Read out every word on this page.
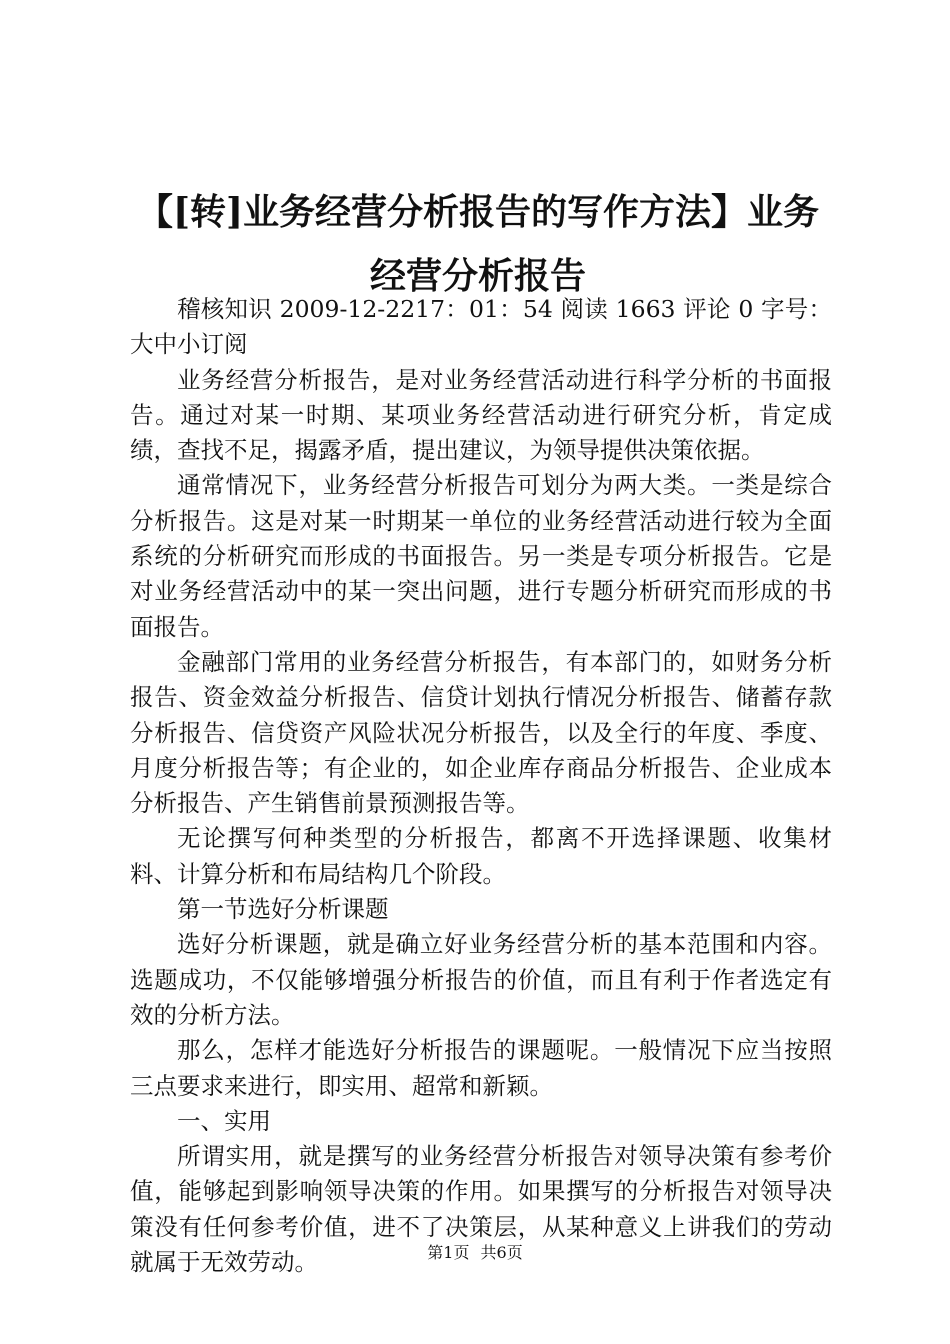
【[转]业务经营分析报告的写作方法】业务经营分析报告

稽核知识 2009-12-2217：01：54 阅读 1663 评论 0 字号：大中小订阅

业务经营分析报告，是对业务经营活动进行科学分析的书面报告。通过对某一时期、某项业务经营活动进行研究分析，肯定成绩，查找不足，揭露矛盾，提出建议，为领导提供决策依据。

通常情况下，业务经营分析报告可划分为两大类。一类是综合分析报告。这是对某一时期某一单位的业务经营活动进行较为全面系统的分析研究而形成的书面报告。另一类是专项分析报告。它是对业务经营活动中的某一突出问题，进行专题分析研究而形成的书面报告。

金融部门常用的业务经营分析报告，有本部门的，如财务分析报告、资金效益分析报告、信贷计划执行情况分析报告、储蓄存款分析报告、信贷资产风险状况分析报告，以及全行的年度、季度、月度分析报告等；有企业的，如企业库存商品分析报告、企业成本分析报告、产生销售前景预测报告等。

无论撰写何种类型的分析报告，都离不开选择课题、收集材料、计算分析和布局结构几个阶段。

第一节选好分析课题

选好分析课题，就是确立好业务经营分析的基本范围和内容。选题成功，不仅能够增强分析报告的价值，而且有利于作者选定有效的分析方法。

那么，怎样才能选好分析报告的课题呢。一般情况下应当按照三点要求来进行，即实用、超常和新颖。

一、实用

所谓实用，就是撰写的业务经营分析报告对领导决策有参考价值，能够起到影响领导决策的作用。如果撰写的分析报告对领导决策没有任何参考价值，进不了决策层，从某种意义上讲我们的劳动就属于无效劳动。	第1页 共6页
